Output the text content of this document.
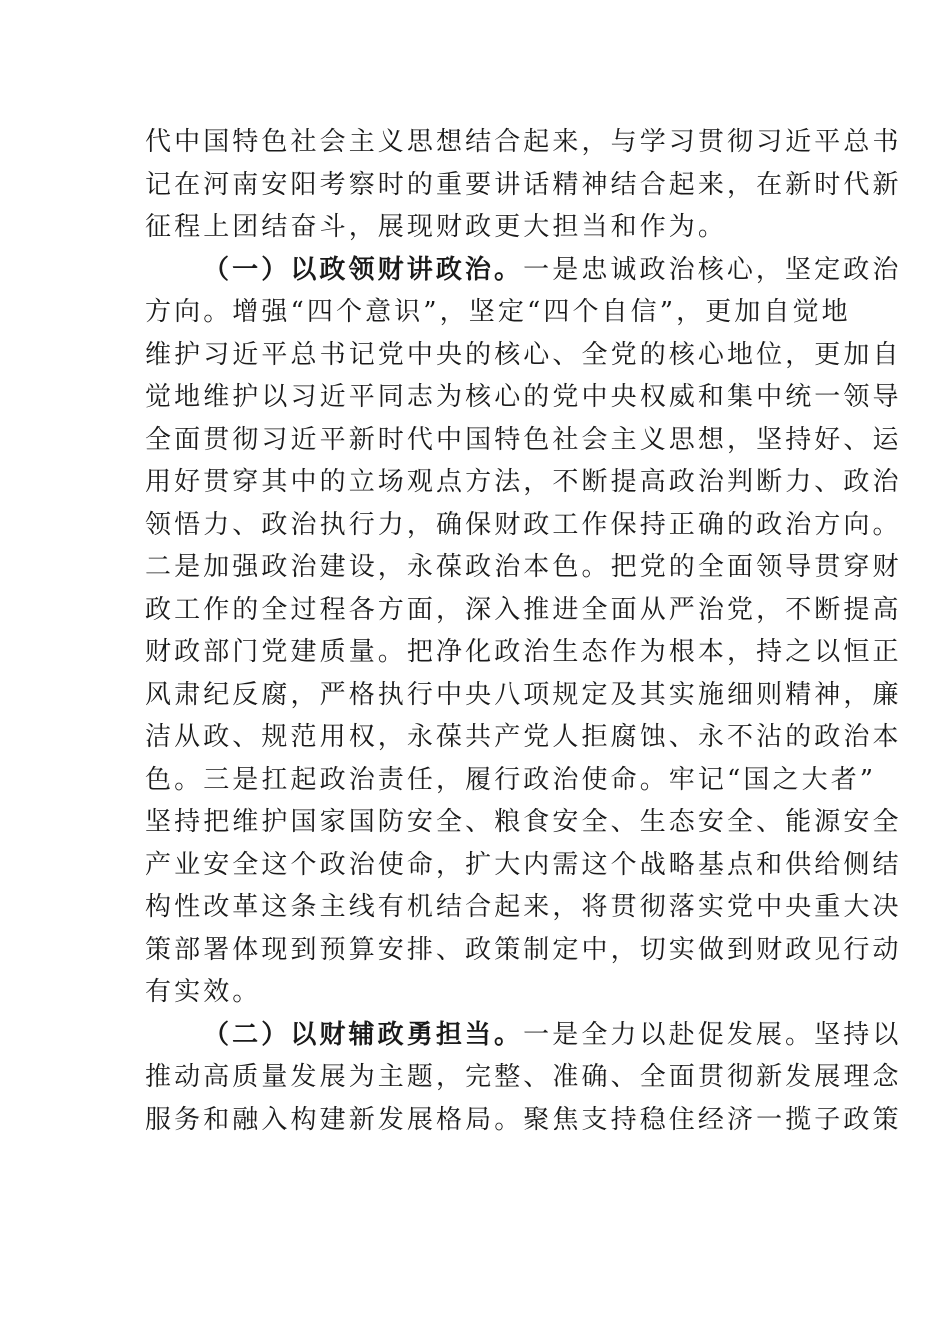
代中国特色社会主义思想结合起来，与学习贯彻习近平总书
记在河南安阳考察时的重要讲话精神结合起来，在新时代新
征程上团结奋斗，展现财政更大担当和作为。
（一）以政领财讲政治。一是忠诚政治核心，坚定政治
方向。增强“四个意识”，坚定“四个自信”，更加自觉地
维护习近平总书记党中央的核心、全党的核心地位，更加自
觉地维护以习近平同志为核心的党中央权威和集中统一领导
全面贯彻习近平新时代中国特色社会主义思想，坚持好、运
用好贯穿其中的立场观点方法，不断提高政治判断力、政治
领悟力、政治执行力，确保财政工作保持正确的政治方向。
二是加强政治建设，永葆政治本色。把党的全面领导贯穿财
政工作的全过程各方面，深入推进全面从严治党，不断提高
财政部门党建质量。把净化政治生态作为根本，持之以恒正
风肃纪反腐，严格执行中央八项规定及其实施细则精神，廉
洁从政、规范用权，永葆共产党人拒腐蚀、永不沾的政治本
色。三是扛起政治责任，履行政治使命。牢记“国之大者”
坚持把维护国家国防安全、粮食安全、生态安全、能源安全
产业安全这个政治使命，扩大内需这个战略基点和供给侧结
构性改革这条主线有机结合起来，将贯彻落实党中央重大决
策部署体现到预算安排、政策制定中，切实做到财政见行动
有实效。
（二）以财辅政勇担当。一是全力以赴促发展。坚持以
推动高质量发展为主题，完整、准确、全面贯彻新发展理念
服务和融入构建新发展格局。聚焦支持稳住经济一揽子政策
